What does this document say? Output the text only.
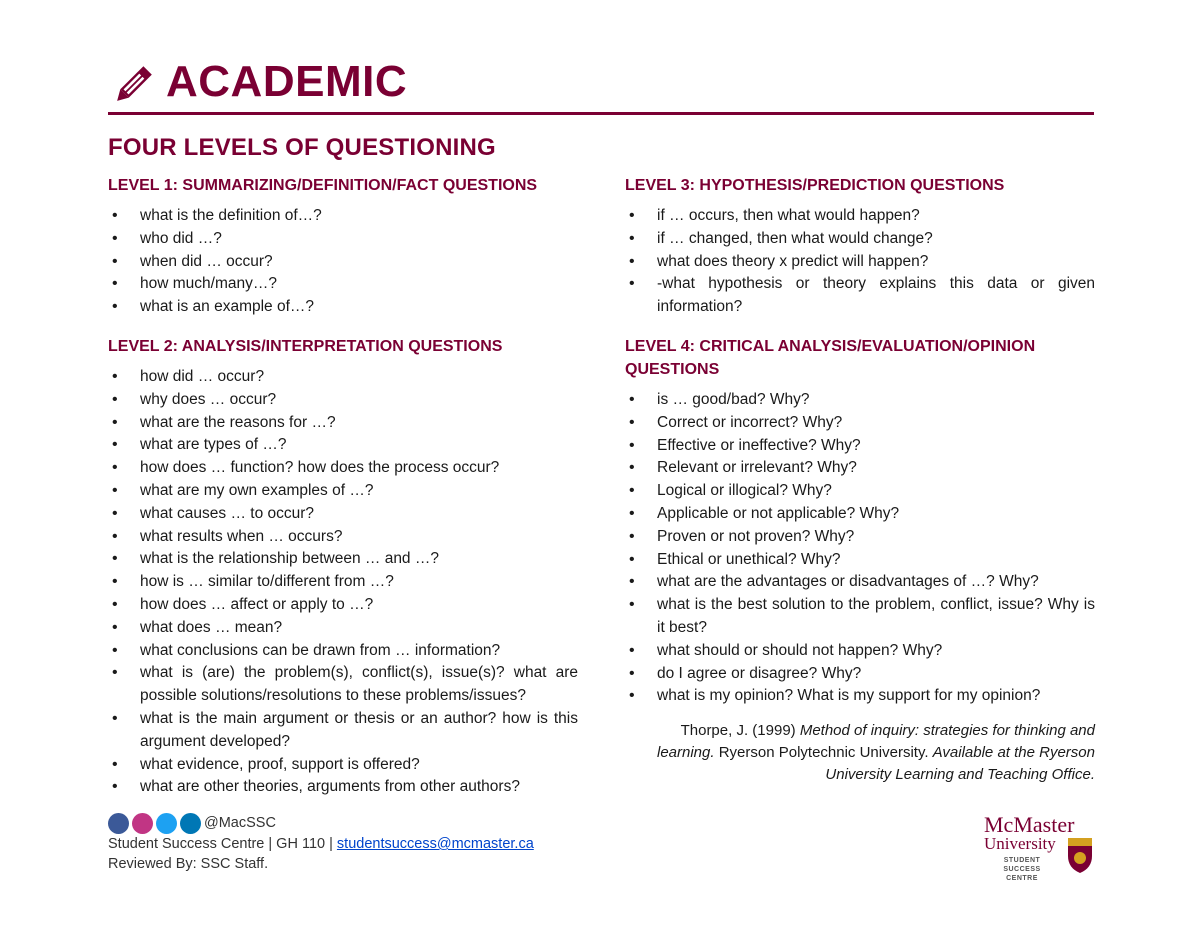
ACADEMIC
FOUR LEVELS OF QUESTIONING
LEVEL 1: SUMMARIZING/DEFINITION/FACT QUESTIONS
• what is the definition of…?
• who did …?
• when did … occur?
• how much/many…?
• what is an example of…?
LEVEL 2: ANALYSIS/INTERPRETATION QUESTIONS
• how did … occur?
• why does … occur?
• what are the reasons for …?
• what are types of …?
• how does … function? how does the process occur?
• what are my own examples of …?
• what causes … to occur?
• what results when … occurs?
• what is the relationship between … and …?
• how is … similar to/different from …?
• how does … affect or apply to …?
• what does … mean?
• what conclusions can be drawn from … information?
• what is (are) the problem(s), conflict(s), issue(s)? what are possible solutions/resolutions to these problems/issues?
• what is the main argument or thesis or an author? how is this argument developed?
• what evidence, proof, support is offered?
• what are other theories, arguments from other authors?
LEVEL 3: HYPOTHESIS/PREDICTION QUESTIONS
• if … occurs, then what would happen?
• if … changed, then what would change?
• what does theory x predict will happen?
• -what hypothesis or theory explains this data or given information?
LEVEL 4: CRITICAL ANALYSIS/EVALUATION/OPINION QUESTIONS
• is … good/bad? Why?
• Correct or incorrect? Why?
• Effective or ineffective? Why?
• Relevant or irrelevant? Why?
• Logical or illogical? Why?
• Applicable or not applicable? Why?
• Proven or not proven? Why?
• Ethical or unethical? Why?
• what are the advantages or disadvantages of …? Why?
• what is the best solution to the problem, conflict, issue? Why is it best?
• what should or should not happen? Why?
• do I agree or disagree? Why?
• what is my opinion? What is my support for my opinion?
Thorpe, J. (1999) Method of inquiry: strategies for thinking and learning. Ryerson Polytechnic University. Available at the Ryerson University Learning and Teaching Office.
@MacSSC
Student Success Centre | GH 110 | studentsuccess@mcmaster.ca
Reviewed By: SSC Staff.
McMaster
University
STUDENT SUCCESS CENTRE
